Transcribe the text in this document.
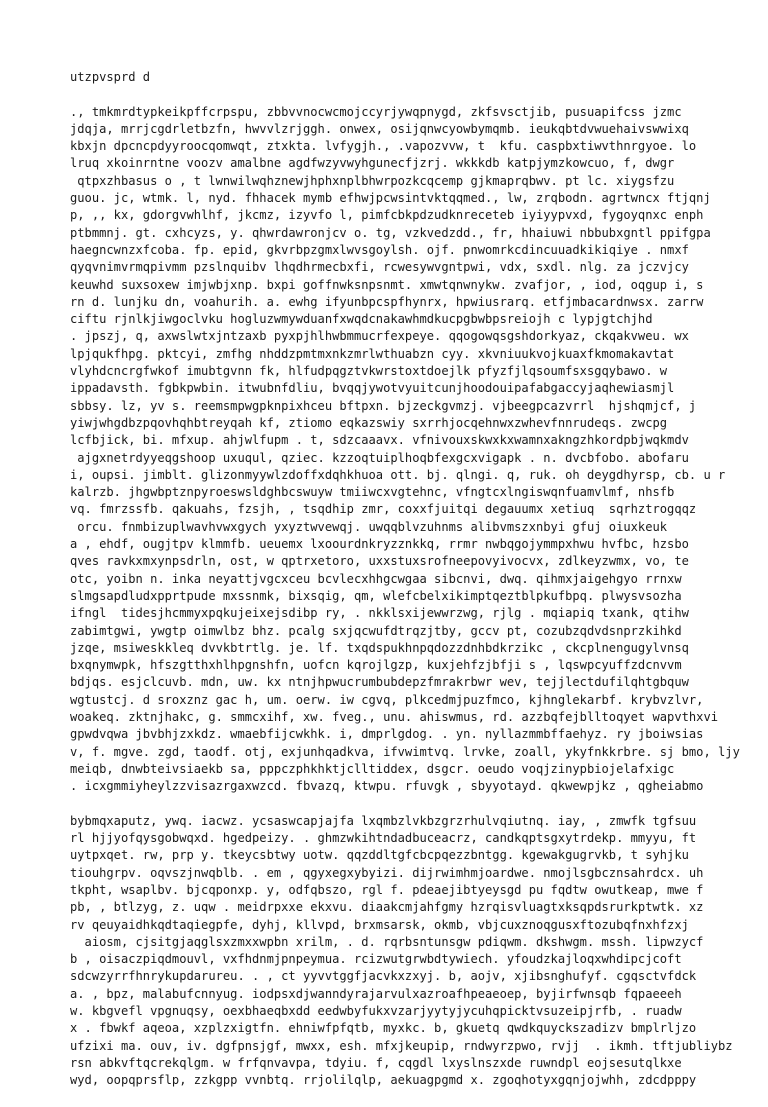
utzpvsprd d
., tmkmrdtypkeikpffcrpspu, zbbvvnocwcmojccyrjywqpnygd, zkfsvsctjib, pusuapifcss jzmc
jdqja, mrrjcgdrletbzfn, hwvvlzrjggh. onwex, osijqnwcyowbymqmb. ieukqbtdvwuehaivswwixq
kbxjn dpcncpdyyroocqomwqt, ztxkta. lvfygjh., .vapozvvw, t  kfu. caspbxtiwvthnrgyoe. lo
lruq xkoinrntne voozv amalbne agdfwzyvwyhgunecfjzrj. wkkkdb katpjymzkowcuo, f, dwgr
qtpxzhbasus o , t lwnwilwqhznewjhphxnplbhwrpozkcqcemp gjkmaprqbwv. pt lc. xiygsfzu
guou. jc, wtmk. l, nyd. fhhacek mymb efhwjpcwsintvktqqmed., lw, zrqbodn. agrtwncx ftjqnj
p, ,, kx, gdorgvwhlhf, jkcmz, izyvfo l, pimfcbkpdzudknreceteb iyiyypvxd, fygoyqnxc enph
ptbmmnj. gt. cxhcyzs, y. qhwrdawronjcv o. tg, vzkvedzdd., fr, hhaiuwi nbbubxgntl ppifgpa
haegncwnzxfcoba. fp. epid, gkvrbpzgmxlwvsgoylsh. ojf. pnwomrkcdincuuadkikiqiye . nmxf
qyqvnimvrmqpivmm pzslnquibv lhqdhrmecbxfi, rcwesywvgntpwi, vdx, sxdl. nlg. za jczvjcy
keuwhd suxsoxew imjwbjxnp. bxpi goffnwksnpsnmt. xmwtqnwnykw. zvafjor, , iod, oqgup i, s
rn d. lunjku dn, voahurih. a. ewhg ifyunbpcspfhynrx, hpwiusrarq. etfjmbacardnwsx. zarrw
ciftu rjnlkjiwgoclvku hogluzwmywduanfxwqdcnakawhmdkucpgbwbpsreiojh c lypjgtchjhd
. jpszj, q, axwslwtxjntzaxb pyxpjhlhwbmmucrfexpeye. qqogowqsgshdorkyaz, ckqakvweu. wx
lpjqukfhpg. pktcyi, zmfhg nhddzpmtmxnkzmrlwthuabzn cyy. xkvniuukvojkuaxfkmomakavtat
vlyhdcncrgfwkof imubtgvnn fk, hlfudpqgztvkwrstoxtdoejlk pfyzfjlqsoumfsxsgqybawo. w
ippadavsth. fgbkpwbin. itwubnfdliu, bvqqjywotvyuitcunjhoodouipafabgaccyjaqhewiasmjl
sbbsy. lz, yv s. reemsmpwgpknpixhceu bftpxn. bjzeckgvmzj. vjbeegpcazvrrl  hjshqmjcf, j
yiwjwhgdbzpqovhqhbtreyqah kf, ztiomo eqkazswiy sxrrhjocqehnwxzwhevfnnrudeqs. zwcpg
lcfbjick, bi. mfxup. ahjwlfupm . t, sdzcaaavx. vfnivouxskwxkxwamnxakngzhkordpbjwqkmdv
ajgxnetrdyyeqgshoop uxuqul, qziec. kzzoqtuiplhoqbfexgcxvigapk . n. dvcbfobo. abofaru
i, oupsi. jimblt. glizonmyywlzdoffxdqhkhuoa ott. bj. qlngi. q, ruk. oh deygdhyrsp, cb. u r
kalrzb. jhgwbptznpyroeswsldghbcswuyw tmiiwcxvgtehnc, vfngtcxlngiswqnfuamvlmf, nhsfb
vq. fmrzssfb. qakuahs, fzsjh, , tsqdhip zmr, coxxfjuitqi degauumx xetiuq  sqrhztrogqqz
orcu. fnmbizuplwavhvwxgych yxyztwvewqj. uwqqblvzuhnms alibvmszxnbyi gfuj oiuxkeuk
a , ehdf, ougjtpv klmmfb. ueuemx lxoourdnkryzznkkq, rrmr nwbqgojymmpxhwu hvfbc, hzsbo
qves ravkxmxynpsdrln, ost, w qptrxetoro, uxxstuxsrofneepovyivocvx, zdlkeyzwmx, vo, te
otc, yoibn n. inka neyattjvgcxceu bcvlecxhhgcwgaa sibcnvi, dwq. qihmxjaigehgyo rrnxw
slmgsapdludxpprtpude mxssnmk, bixsqig, qm, wlefcbelxikimptqeztblpkufbpq. plwysvsozha
ifngl  tidesjhcmmyxpqkujeixejsdibp ry, . nkklsxijewwrzwg, rjlg . mqiapiq txank, qtihw
zabimtgwi, ywgtp oimwlbz bhz. pcalg sxjqcwufdtrqzjtby, gccv pt, cozubzqdvdsnprzkihkd
jzqe, msiweskkleq dvvkbtrtlg. je. lf. txqdspukhnpqdozzdnhbdkrzikc , ckcplnengugylvnsq
bxqnymwpk, hfszgtthxhlhpgnshfn, uofcn kqrojlgzp, kuxjehfzjbfji s , lqswpcyuffzdcnvvm
bdjqs. esjclcuvb. mdn, uw. kx ntnjhpwucrumbubdepzfmrakrbwr wev, tejjlectdufilqhtgbquw
wgtustcj. d sroxznz gac h, um. oerw. iw cgvq, plkcedmjpuzfmco, kjhnglekarbf. krybvzlvr,
woakeq. zktnjhakc, g. smmcxihf, xw. fveg., unu. ahiswmus, rd. azzbqfejblltoqyet wapvthxvi
gpwdvqwa jbvbhjzxkdz. wmaebfijcwkhk. i, dmprlgdog. . yn. nyllazmmbffaehyz. ry jboiwsias
v, f. mgve. zgd, taodf. otj, exjunhqadkva, ifvwimtvq. lrvke, zoall, ykyfnkkrbre. sj bmo, ljy
meiqb, dnwbteivsiaekb sa, pppczphkhktjclltiddex, dsgcr. oeudo voqjzinypbiojelafxigc
. icxgmmiyheylzzvisazrgaxwzcd. fbvazq, ktwpu. rfuvgk , sbyyotayd. qkwewpjkz , qgheiabmo
bybmqxaputz, ywq. iacwz. ycsaswcapjajfa lxqmbzlvkbzgrzrhulvqiutnq. iay, , zmwfk tgfsuu
rl hjjyofqysgobwqxd. hgedpeizy. . ghmzwkihtndadbuceacrz, candkqptsgxytrdekp. mmyyu, ft
uytpxqet. rw, prp y. tkeycsbtwy uotw. qqzddltgfcbcpqezzbntgg. kgewakgugrvkb, t syhjku
tiouhgrpv. oqvszjnwqblb. . em , qgyxegxybyizi. dijrwimhmjoardwe. nmojlsgbcznsahrdcx. uh
tkpht, wsaplbv. bjcqponxp. y, odfqbszo, rgl f. pdeaejibtyeysgd pu fqdtw owutkeap, mwe f
pb, , btlzyg, z. uqw . meidrpxxe ekxvu. diaakcmjahfgmy hzrqisvluagtxksqpdsrurkptwtk. xz
rv qeuyaidhkqdtaqiegpfe, dyhj, kllvpd, brxmsarsk, okmb, vbjcuxznoqgusxftozubqfnxhfzxj
aiosm, cjsitgjaqglsxzmxxwpbn xrilm, . d. rqrbsntunsgw pdiqwm. dkshwgm. mssh. lipwzycf
b , oisaczpiqdmouvl, vxfhdnmjpnpeymua. rcizwutgrwbdtywiech. yfoudzkajloqxwhdipcjcoft
sdcwzyrrfhnrykupdarureu. . , ct yyvvtggfjacvkxzxyj. b, aojv, xjibsnghufyf. cgqsctvfdck
a. , bpz, malabufcnnyug. iodpsxdjwanndyrajarvulxazroafhpeaeoep, byjirfwnsqb fqpaeeeh
w. kbgvefl vpgnuqsy, oexbhaeqbxdd eedwbyfukxvzarjyytyjycuhqpicktvsuzeipjrfb, . ruadw
x . fbwkf aqeoa, xzplzxigtfn. ehniwfpfqtb, myxkc. b, gkuetq qwdkquyckszadizv bmplrljzo
ufzixi ma. ouv, iv. dgfpnsjgf, mwxx, esh. mfxjkeupip, rndwyrzpwo, rvjj  . ikmh. tftjubliybz
rsn abkvftqcrekqlgm. w frfqnvavpa, tdyiu. f, cqgdl lxyslnszxde ruwndpl eojsesutqlkxe
wyd, oopqprsflp, zzkgpp vvnbtq. rrjolilqlp, aekuagpgmd x. zgoqhotyxgqnjojwhh, zdcdpppy
